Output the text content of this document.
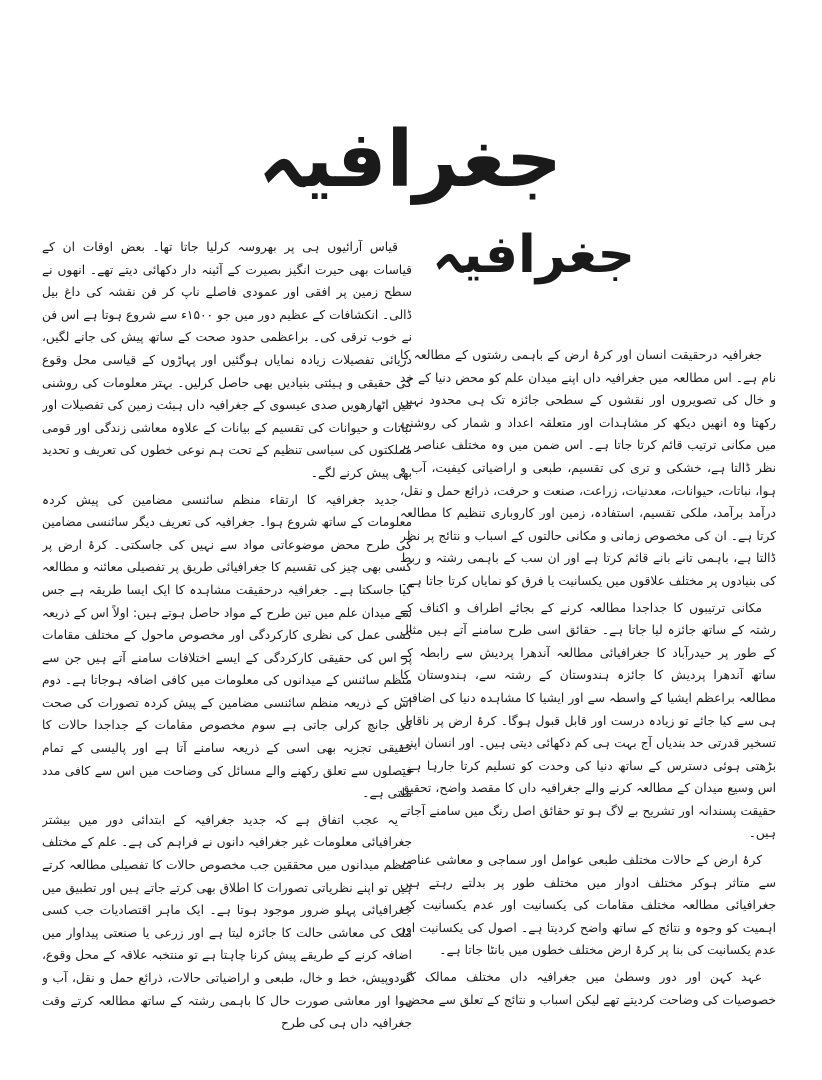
جغرافیہ
جغرافیہ

جغرافیہ درحقیقت انسان اور کرۂ ارض کے باہمی رشتوں کے مطالعہ کا نام ہے۔ اس مطالعہ میں جغرافیہ داں اپنے میدان علم کو محض دنیا کے خد و خال کی تصویروں اور نقشوں کے سطحی جائزہ تک ہی محدود نہیں رکھتا وہ انھیں دیکھ کر مشاہدات اور متعلقہ اعداد و شمار کی روشنی میں مکانی ترتیب قائم کرتا جاتا ہے۔ اس ضمن میں وہ مختلف عناصر پر نظر ڈالتا ہے، خشکی و تری کی تقسیم، طبعی و اراضیاتی کیفیت، آب و ہوا، نباتات، حیوانات، معدنیات، زراعت، صنعت و حرفت، ذرائع حمل و نقل، درآمد برآمد، ملکی تقسیم، استفادہ، زمین اور کاروباری تنظیم کا مطالعہ کرتا ہے۔ ان کی مخصوص زمانی و مکانی حالتوں کے اسباب و نتائج پر نظر ڈالتا ہے، باہمی تانے بانے قائم کرتا ہے اور ان سب کے باہمی رشتہ و ربط کی بنیادوں پر مختلف علاقوں میں یکسانیت یا فرق کو نمایاں کرتا جاتا ہے۔

مکانی ترتیبوں کا جداجدا مطالعہ کرنے کے بجائے اطراف و اکناف کے رشتہ کے ساتھ جائزہ لیا جاتا ہے۔ حقائق اسی طرح سامنے آتے ہیں مثال کے طور پر حیدرآباد کا جغرافیائی مطالعہ آندھرا پردیش سے رابطہ کے ساتھ آندھرا پردیش کا جائزہ ہندوستان کے رشتہ سے، ہندوستان کا مطالعہ براعظم ایشیا کے واسطہ سے اور ایشیا کا مشاہدہ دنیا کی اضافت ہی سے کیا جائے تو زیادہ درست اور قابل قبول ہوگا۔ کرۂ ارض پر ناقابل تسخیر قدرتی حد بندیاں آج بہت ہی کم دکھائی دیتی ہیں۔ اور انسان اپنی بڑھتی ہوئی دسترس کے ساتھ دنیا کی وحدت کو تسلیم کرتا جارہا ہے۔ اس وسیع میدان کے مطالعہ کرنے والے جغرافیہ داں کا مقصد واضح، تحقیق حقیقت پسندانہ اور تشریح بے لاگ ہو تو حقائق اصل رنگ میں سامنے آجاتے ہیں۔

کرۂ ارض کے حالات مختلف طبعی عوامل اور سماجی و معاشی عناصر سے متاثر ہوکر مختلف ادوار میں مختلف طور پر بدلتے رہتے ہیں جغرافیائی مطالعہ مختلف مقامات کی یکسانیت اور عدم یکسانیت کی اہمیت کو وجوہ و نتائج کے ساتھ واضح کردیتا ہے۔ اصول کی یکسانیت اور عدم یکسانیت کی بنا پر کرۂ ارض مختلف خطوں میں بانٹا جاتا ہے۔

عہد کہن اور دور وسطیٰ میں جغرافیہ داں مختلف ممالک کی خصوصیات کی وضاحت کردیتے تھے لیکن اسباب و نتائج کے تعلق سے محض

قیاس آرائیوں ہی پر بھروسہ کرلیا جاتا تھا۔ بعض اوقات ان کے قیاسات بھی حیرت انگیز بصیرت کے آئینہ دار دکھائی دیتے تھے۔ انھوں نے سطح زمین پر افقی اور عمودی فاصلے ناپ کر فن نقشہ کی داغ بیل ڈالی۔ انکشافات کے عظیم دور میں جو ۱۵۰۰ء سے شروع ہوتا ہے اس فن نے خوب ترقی کی۔ براعظمی حدود صحت کے ساتھ پیش کی جانے لگیں، دریائی تفصیلات زیادہ نمایاں ہوگئیں اور پہاڑوں کے قیاسی محل وقوع کی حقیقی و ہیئتی بنیادیں بھی حاصل کرلیں۔ بہتر معلومات کی روشنی میں اٹھارھویں صدی عیسوی کے جغرافیہ داں ہیئت زمین کی تفصیلات اور نباتات و حیوانات کی تقسیم کے بیانات کے علاوہ معاشی زندگی اور قومی مملکتوں کی سیاسی تنظیم کے تحت ہم نوعی خطوں کی تعریف و تحدید بھی پیش کرنے لگے۔

جدید جغرافیہ کا ارتقاء منظم سائنسی مضامین کی پیش کردہ معلومات کے ساتھ شروع ہوا۔ جغرافیہ کی تعریف دیگر سائنسی مضامین کی طرح محض موضوعاتی مواد سے نہیں کی جاسکتی۔ کرۂ ارض پر کسی بھی چیز کی تقسیم کا جغرافیائی طریق پر تفصیلی معائنہ و مطالعہ کیا جاسکتا ہے۔ جغرافیہ درحقیقت مشاہدہ کا ایک ایسا طریقہ ہے جس سے میدان علم میں تین طرح کے مواد حاصل ہوتے ہیں: اولاً اس کے ذریعہ کسی عمل کی نظری کارکردگی اور مخصوص ماحول کے مختلف مقامات پر اس کی حقیقی کارکردگی کے ایسے اختلافات سامنے آتے ہیں جن سے منظم سائنس کے میدانوں کی معلومات میں کافی اضافہ ہوجاتا ہے۔ دوم اس کے ذریعہ منظم سائنسی مضامین کے پیش کردہ تصورات کی صحت کی جانچ کرلی جاتی ہے سوم مخصوص مقامات کے جداجدا حالات کا حقیقی تجزیہ بھی اسی کے ذریعہ سامنے آتا ہے اور پالیسی کے تمام فیصلوں سے تعلق رکھنے والے مسائل کی وضاحت میں اس سے کافی مدد ملتی ہے۔

یہ عجب اتفاق ہے کہ جدید جغرافیہ کے ابتدائی دور میں بیشتر جغرافیائی معلومات غیر جغرافیہ دانوں نے فراہم کی ہے۔ علم کے مختلف منظم میدانوں میں محققین جب مخصوص حالات کا تفصیلی مطالعہ کرتے ہیں تو اپنے نظریاتی تصورات کا اطلاق بھی کرتے جاتے ہیں اور تطبیق میں جغرافیائی پہلو ضرور موجود ہوتا ہے۔ ایک ماہر اقتصادیات جب کسی ملک کی معاشی حالت کا جائزہ لیتا ہے اور زرعی یا صنعتی پیداوار میں اضافہ کرنے کے طریقے پیش کرنا چاہتا ہے تو منتخبہ علاقہ کے محل وقوع، گردوپیش، خط و خال، طبعی و اراضیاتی حالات، ذرائع حمل و نقل، آب و ہوا اور معاشی صورت حال کا باہمی رشتہ کے ساتھ مطالعہ کرتے وقت جغرافیہ داں ہی کی طرح
